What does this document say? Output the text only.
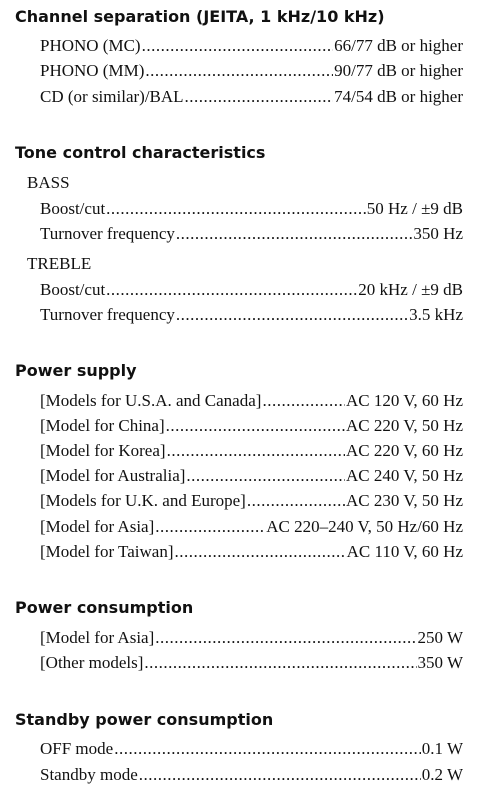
Channel separation (JEITA, 1 kHz/10 kHz)
PHONO (MC) .....	66/77 dB or higher
PHONO (MM) .....	90/77 dB or higher
CD (or similar)/BAL .....	74/54 dB or higher
Tone control characteristics
BASS
Boost/cut .....	50 Hz / ±9 dB
Turnover frequency .....	350 Hz
TREBLE
Boost/cut .....	20 kHz / ±9 dB
Turnover frequency .....	3.5 kHz
Power supply
[Models for U.S.A. and Canada] .....	AC 120 V, 60 Hz
[Model for China] .....	AC 220 V, 50 Hz
[Model for Korea] .....	AC 220 V, 60 Hz
[Model for Australia] .....	AC 240 V, 50 Hz
[Models for U.K. and Europe] .....	AC 230 V, 50 Hz
[Model for Asia] .....	AC 220–240 V, 50 Hz/60 Hz
[Model for Taiwan] .....	AC 110 V, 60 Hz
Power consumption
[Model for Asia] .....	250 W
[Other models] .....	350 W
Standby power consumption
OFF mode .....	0.1 W
Standby mode .....	0.2 W
